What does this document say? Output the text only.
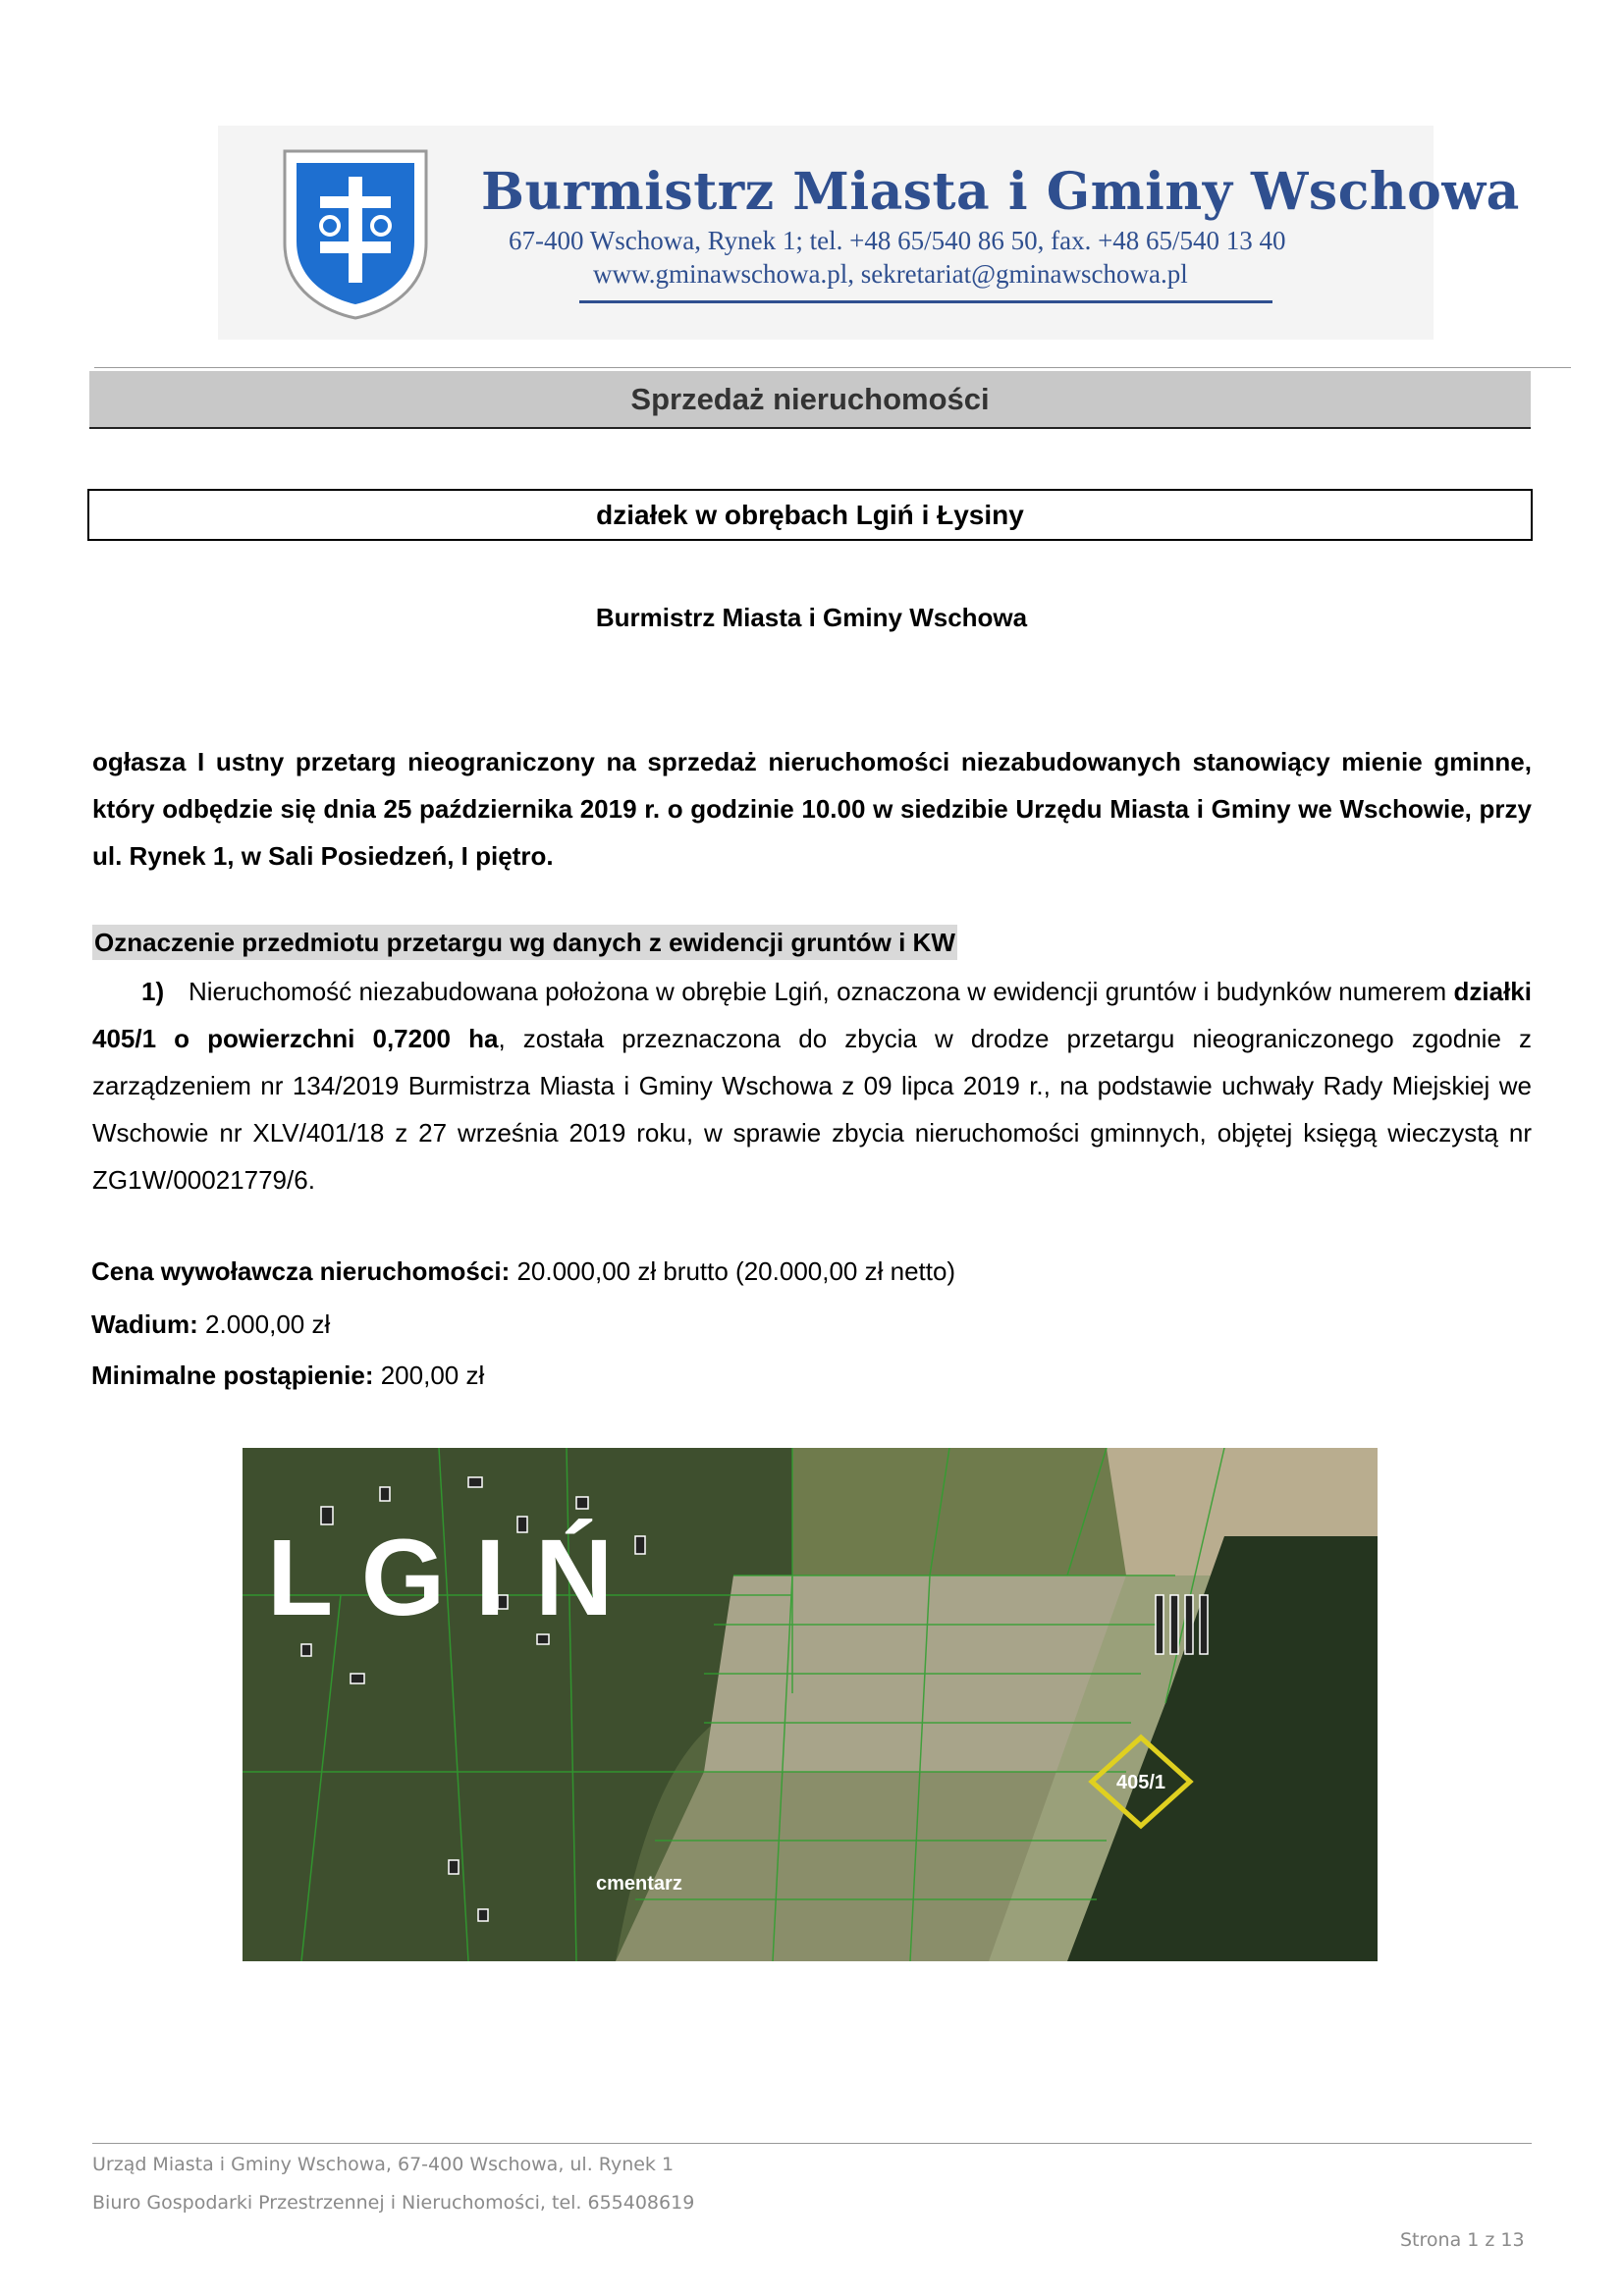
Burmistrz Miasta i Gminy Wschowa
67-400 Wschowa, Rynek 1; tel. +48 65/540 86 50, fax. +48 65/540 13 40
www.gminawschowa.pl, sekretariat@gminawschowa.pl
Sprzedaż nieruchomości
działek w obrębach Lgiń i Łysiny
Burmistrz Miasta i Gminy Wschowa
ogłasza I ustny przetarg nieograniczony na sprzedaż nieruchomości niezabudowanych stanowiący mienie gminne, który odbędzie się dnia 25 października 2019 r. o godzinie 10.00 w siedzibie Urzędu Miasta i Gminy we Wschowie, przy ul. Rynek 1, w Sali Posiedzeń, I piętro.
Oznaczenie przedmiotu przetargu wg danych z ewidencji gruntów i KW
1) Nieruchomość niezabudowana położona w obrębie Lgiń, oznaczona w ewidencji gruntów i budynków numerem działki 405/1 o powierzchni 0,7200 ha, została przeznaczona do zbycia w drodze przetargu nieograniczonego zgodnie z zarządzeniem nr 134/2019 Burmistrza Miasta i Gminy Wschowa z 09 lipca 2019 r., na podstawie uchwały Rady Miejskiej we Wschowie nr XLV/401/18 z 27 września 2019 roku, w sprawie zbycia nieruchomości gminnych, objętej księgą wieczystą nr ZG1W/00021779/6.
Cena wywoławcza nieruchomości: 20.000,00 zł brutto (20.000,00 zł netto)
Wadium: 2.000,00 zł
Minimalne postąpienie: 200,00 zł
L G I Ń
cmentarz
405/1
Urząd Miasta i Gminy Wschowa, 67-400 Wschowa, ul. Rynek 1
Biuro Gospodarki Przestrzennej i Nieruchomości, tel. 655408619
Strona 1 z 13
